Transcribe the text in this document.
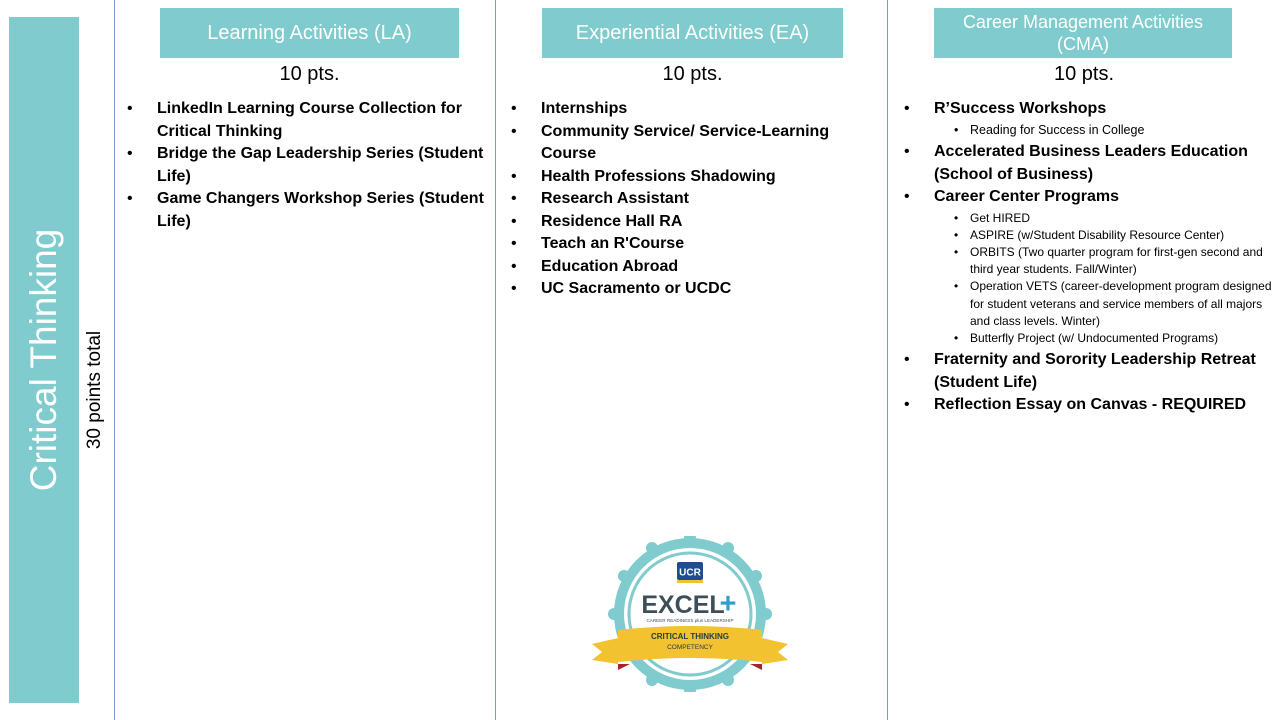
Critical Thinking 30 points total
Learning Activities (LA)
10 pts.
• LinkedIn Learning Course Collection for Critical Thinking
• Bridge the Gap Leadership Series (Student Life)
• Game Changers Workshop Series (Student Life)
Experiential Activities (EA)
10 pts.
• Internships
• Community Service/ Service-Learning Course
• Health Professions Shadowing
• Research Assistant
• Residence Hall RA
• Teach an R'Course
• Education Abroad
• UC Sacramento or UCDC
Career Management Activities (CMA)
10 pts.
• R’Success Workshops
• Reading for Success in College
• Accelerated Business Leaders Education (School of Business)
• Career Center Programs
• Get HIRED
• ASPIRE (w/Student Disability Resource Center)
• ORBITS (Two quarter program for first-gen second and third year students. Fall/Winter)
• Operation VETS (career-development program designed for student veterans and service members of all majors and class levels. Winter)
• Butterfly Project (w/ Undocumented Programs)
• Fraternity and Sorority Leadership Retreat (Student Life)
• Reflection Essay on Canvas - REQUIRED
UCR
EXCEL
+
CAREER READINESS plus LEADERSHIP
CRITICAL THINKING
COMPETENCY
